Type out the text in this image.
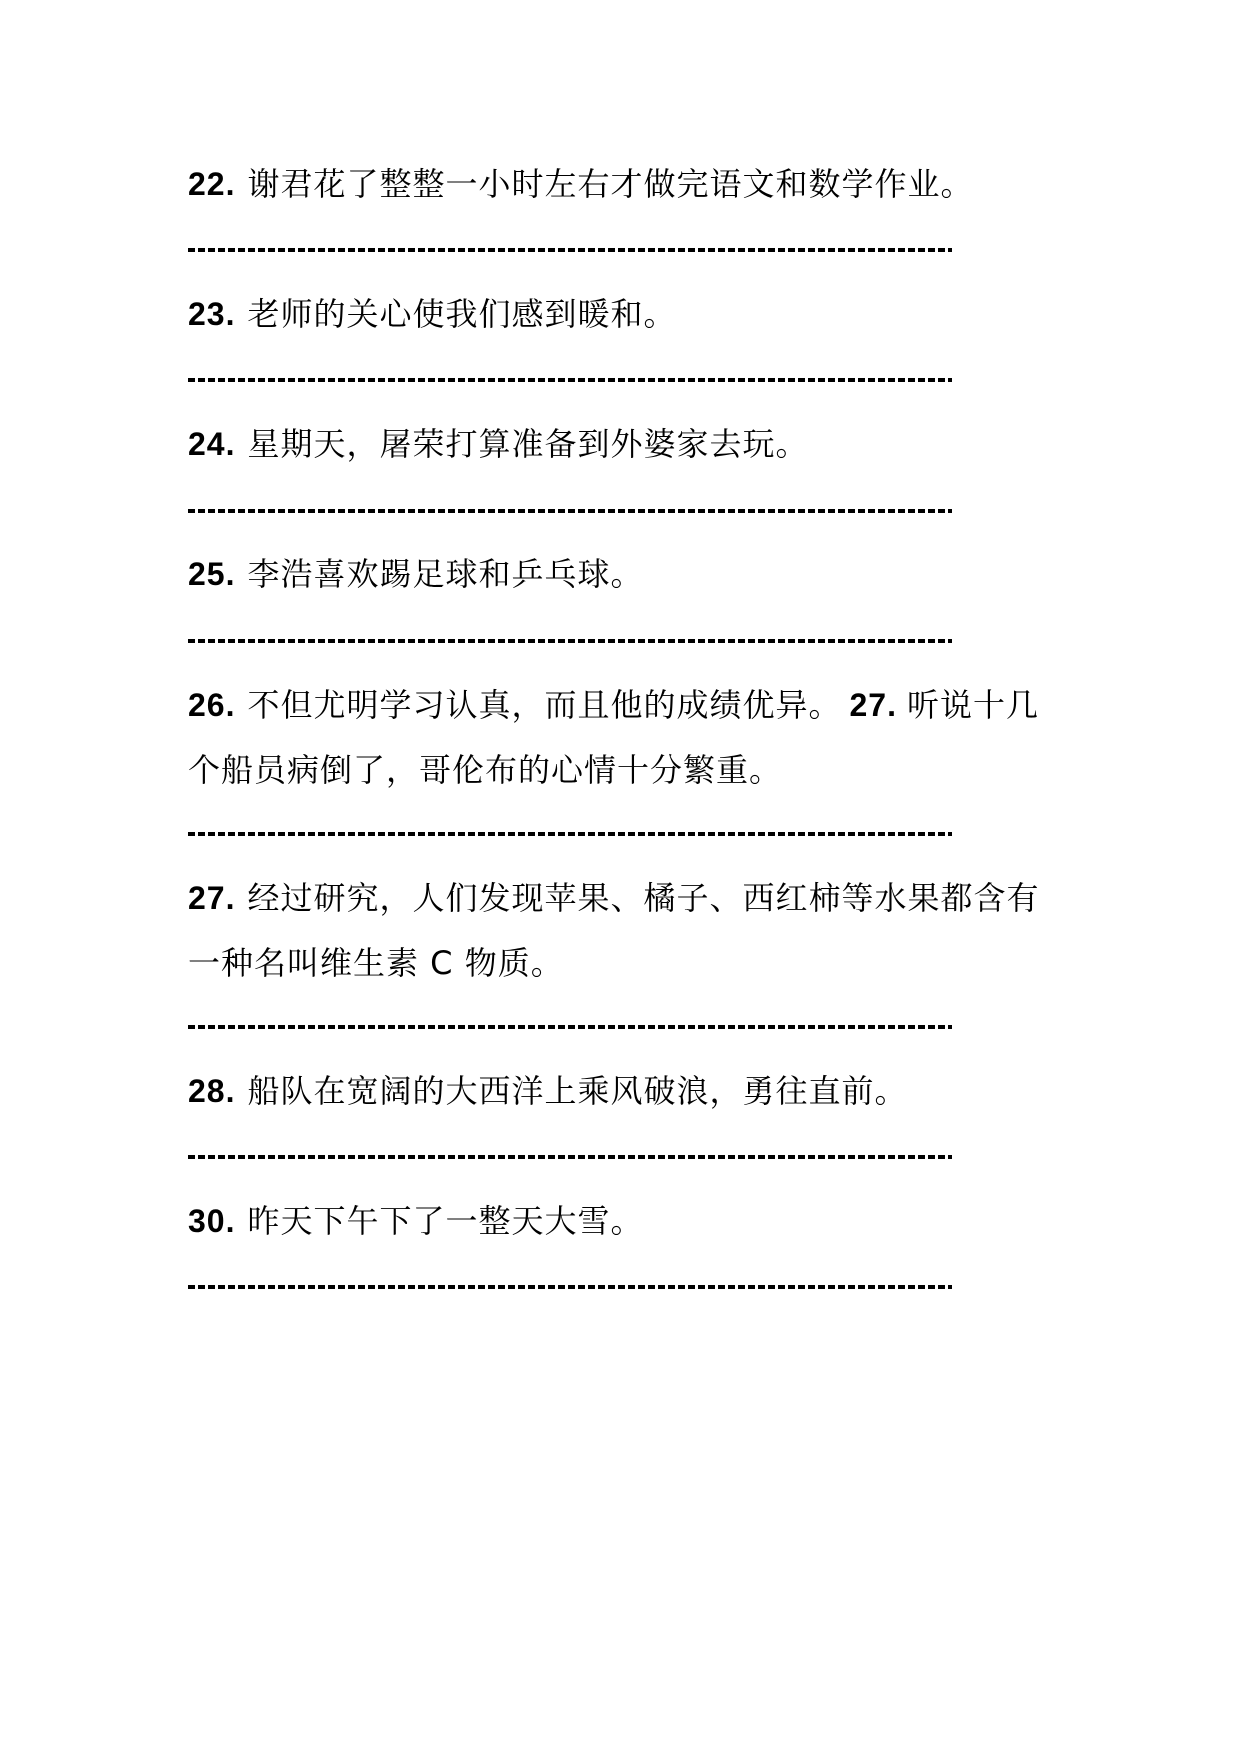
22. 谢君花了整整一小时左右才做完语文和数学作业。
23. 老师的关心使我们感到暖和。
24. 星期天，屠荣打算准备到外婆家去玩。
25. 李浩喜欢踢足球和乒乓球。
26. 不但尤明学习认真，而且他的成绩优异。 27. 听说十几
个船员病倒了，哥伦布的心情十分繁重。
27. 经过研究，人们发现苹果、橘子、西红柿等水果都含有
一种名叫维生素 C 物质。
28. 船队在宽阔的大西洋上乘风破浪，勇往直前。
30. 昨天下午下了一整天大雪。
